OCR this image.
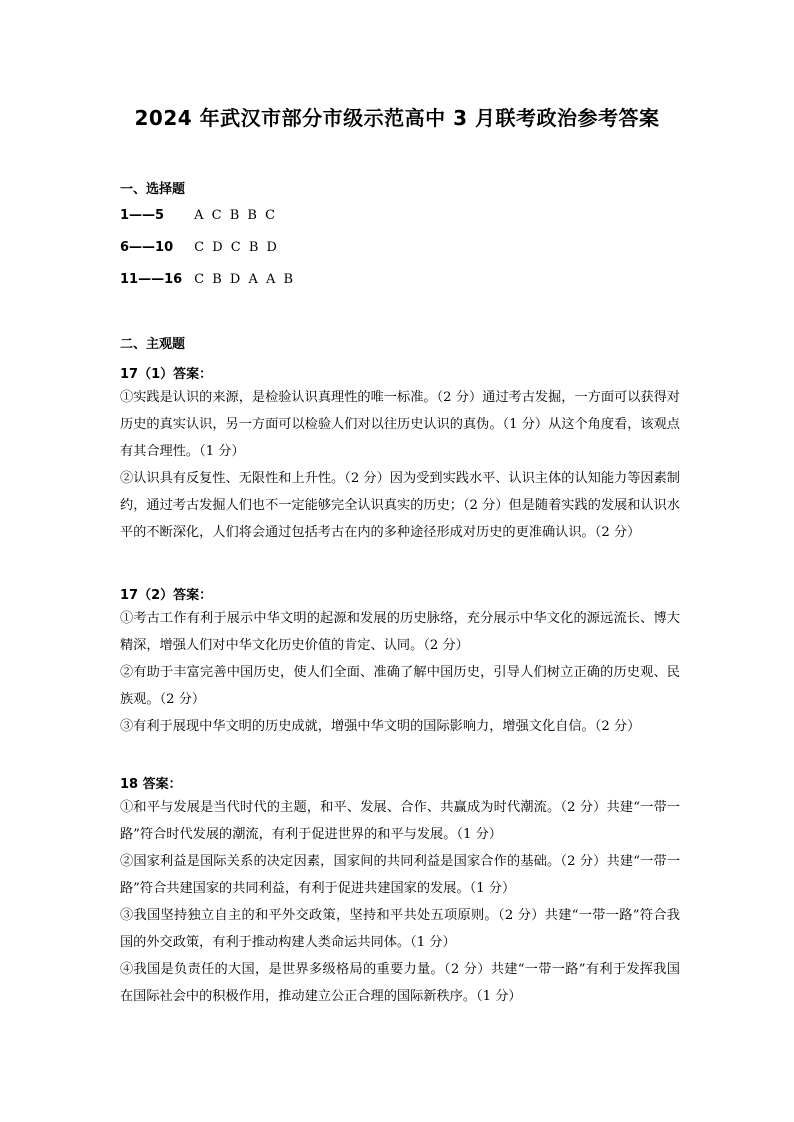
2024 年武汉市部分市级示范高中 3 月联考政治参考答案
一、选择题
1——5 A C B B C
6——10 C D C B D
11——16 C B D A A B
二、主观题
17（1）答案：

①实践是认识的来源，是检验认识真理性的唯一标准。（2 分）通过考古发掘，一方面可以获得对历史的真实认识，另一方面可以检验人们对以往历史认识的真伪。（1 分）从这个角度看，该观点有其合理性。（1 分）

②认识具有反复性、无限性和上升性。（2 分）因为受到实践水平、认识主体的认知能力等因素制约，通过考古发掘人们也不一定能够完全认识真实的历史；（2 分）但是随着实践的发展和认识水平的不断深化，人们将会通过包括考古在内的多种途径形成对历史的更准确认识。（2 分）

17（2）答案：

①考古工作有利于展示中华文明的起源和发展的历史脉络，充分展示中华文化的源远流长、博大精深，增强人们对中华文化历史价值的肯定、认同。（2 分）

②有助于丰富完善中国历史，使人们全面、准确了解中国历史，引导人们树立正确的历史观、民族观。（2 分）

③有利于展现中华文明的历史成就，增强中华文明的国际影响力，增强文化自信。（2 分）

18 答案：

①和平与发展是当代时代的主题，和平、发展、合作、共赢成为时代潮流。（2 分）共建“一带一路”符合时代发展的潮流，有利于促进世界的和平与发展。（1 分）

②国家利益是国际关系的决定因素，国家间的共同利益是国家合作的基础。（2 分）共建“一带一路”符合共建国家的共同利益，有利于促进共建国家的发展。（1 分）

③我国坚持独立自主的和平外交政策，坚持和平共处五项原则。（2 分）共建“一带一路”符合我国的外交政策，有利于推动构建人类命运共同体。（1 分）

④我国是负责任的大国，是世界多级格局的重要力量。（2 分）共建“一带一路”有利于发挥我国在国际社会中的积极作用，推动建立公正合理的国际新秩序。（1 分）
